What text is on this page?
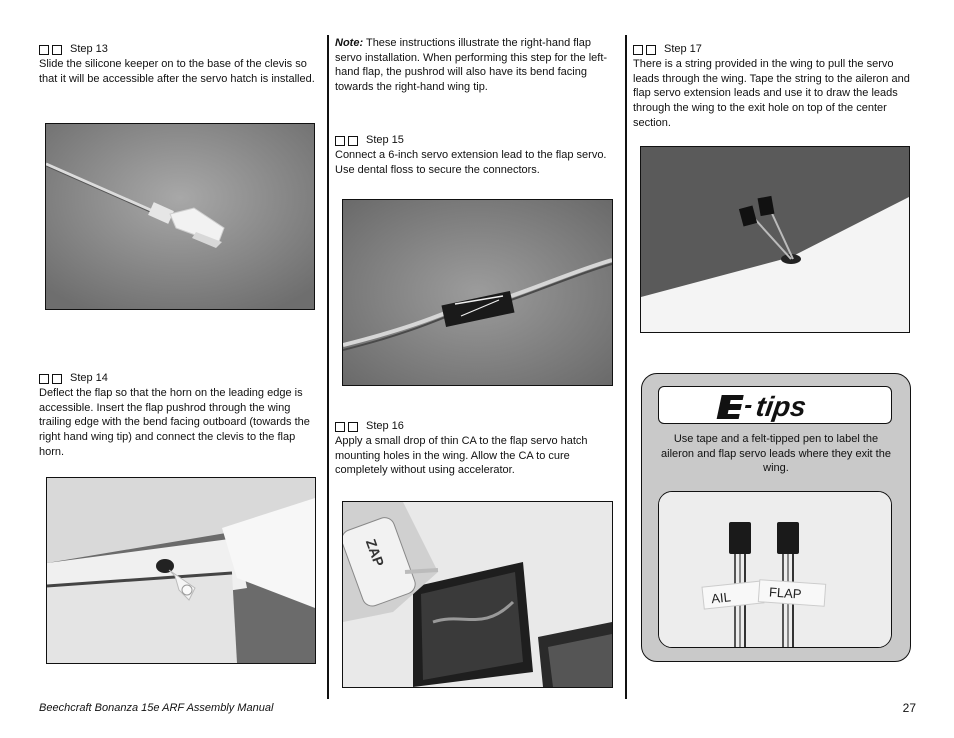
Step 13

Slide the silicone keeper on to the base of the clevis so that it will be accessible after the servo hatch is installed.

Step 14

Deflect the flap so that the horn on the leading edge is accessible. Insert the flap pushrod through the wing trailing edge with the bend facing outboard (towards the right hand wing tip) and connect the clevis to the flap horn.

Note: These instructions illustrate the right-hand flap servo installation. When performing this step for the left-hand flap, the pushrod will also have its bend facing towards the right-hand wing tip.

Step 15

Connect a 6-inch servo extension lead to the flap servo. Use dental floss to secure the connectors.

Step 16

Apply a small drop of thin CA to the flap servo hatch mounting holes in the wing. Allow the CA to cure completely without using accelerator.

ZAP
Step 17

There is a string provided in the wing to pull the servo leads through the wing. Tape the string to the aileron and flap servo extension leads and use it to draw the leads through the wing to the exit hole on top of the center section.

tips

Use tape and a felt-tipped pen to label the aileron and flap servo leads where they exit the wing.

AIL	FLAP
Beechcraft Bonanza 15e ARF Assembly Manual	27
